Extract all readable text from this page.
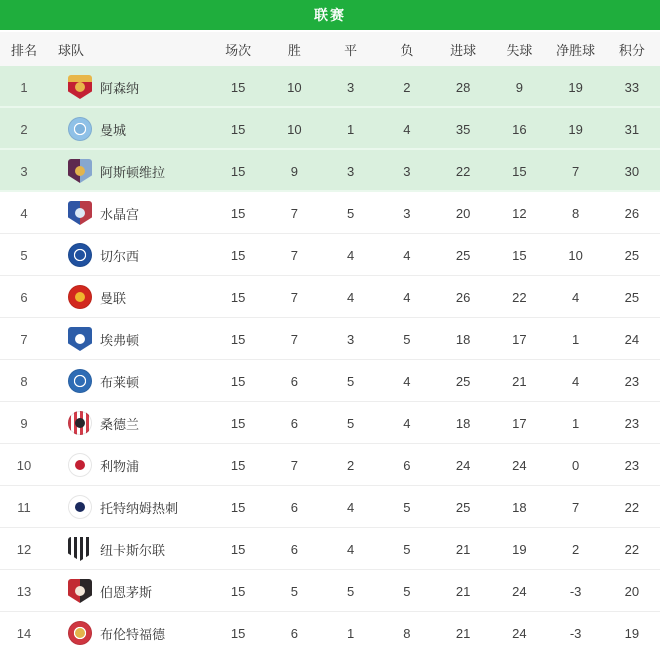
联赛
排名	球队	场次	胜	平	负	进球	失球	净胜球	积分
1	阿森纳	15	10	3	2	28	9	19	33
2	曼城	15	10	1	4	35	16	19	31
3	阿斯顿维拉	15	9	3	3	22	15	7	30
4	水晶宫	15	7	5	3	20	12	8	26
5	切尔西	15	7	4	4	25	15	10	25
6	曼联	15	7	4	4	26	22	4	25
7	埃弗顿	15	7	3	5	18	17	1	24
8	布莱顿	15	6	5	4	25	21	4	23
9	桑德兰	15	6	5	4	18	17	1	23
10	利物浦	15	7	2	6	24	24	0	23
11	托特纳姆热刺	15	6	4	5	25	18	7	22
12	纽卡斯尔联	15	6	4	5	21	19	2	22
13	伯恩茅斯	15	5	5	5	21	24	-3	20
14	布伦特福德	15	6	1	8	21	24	-3	19
